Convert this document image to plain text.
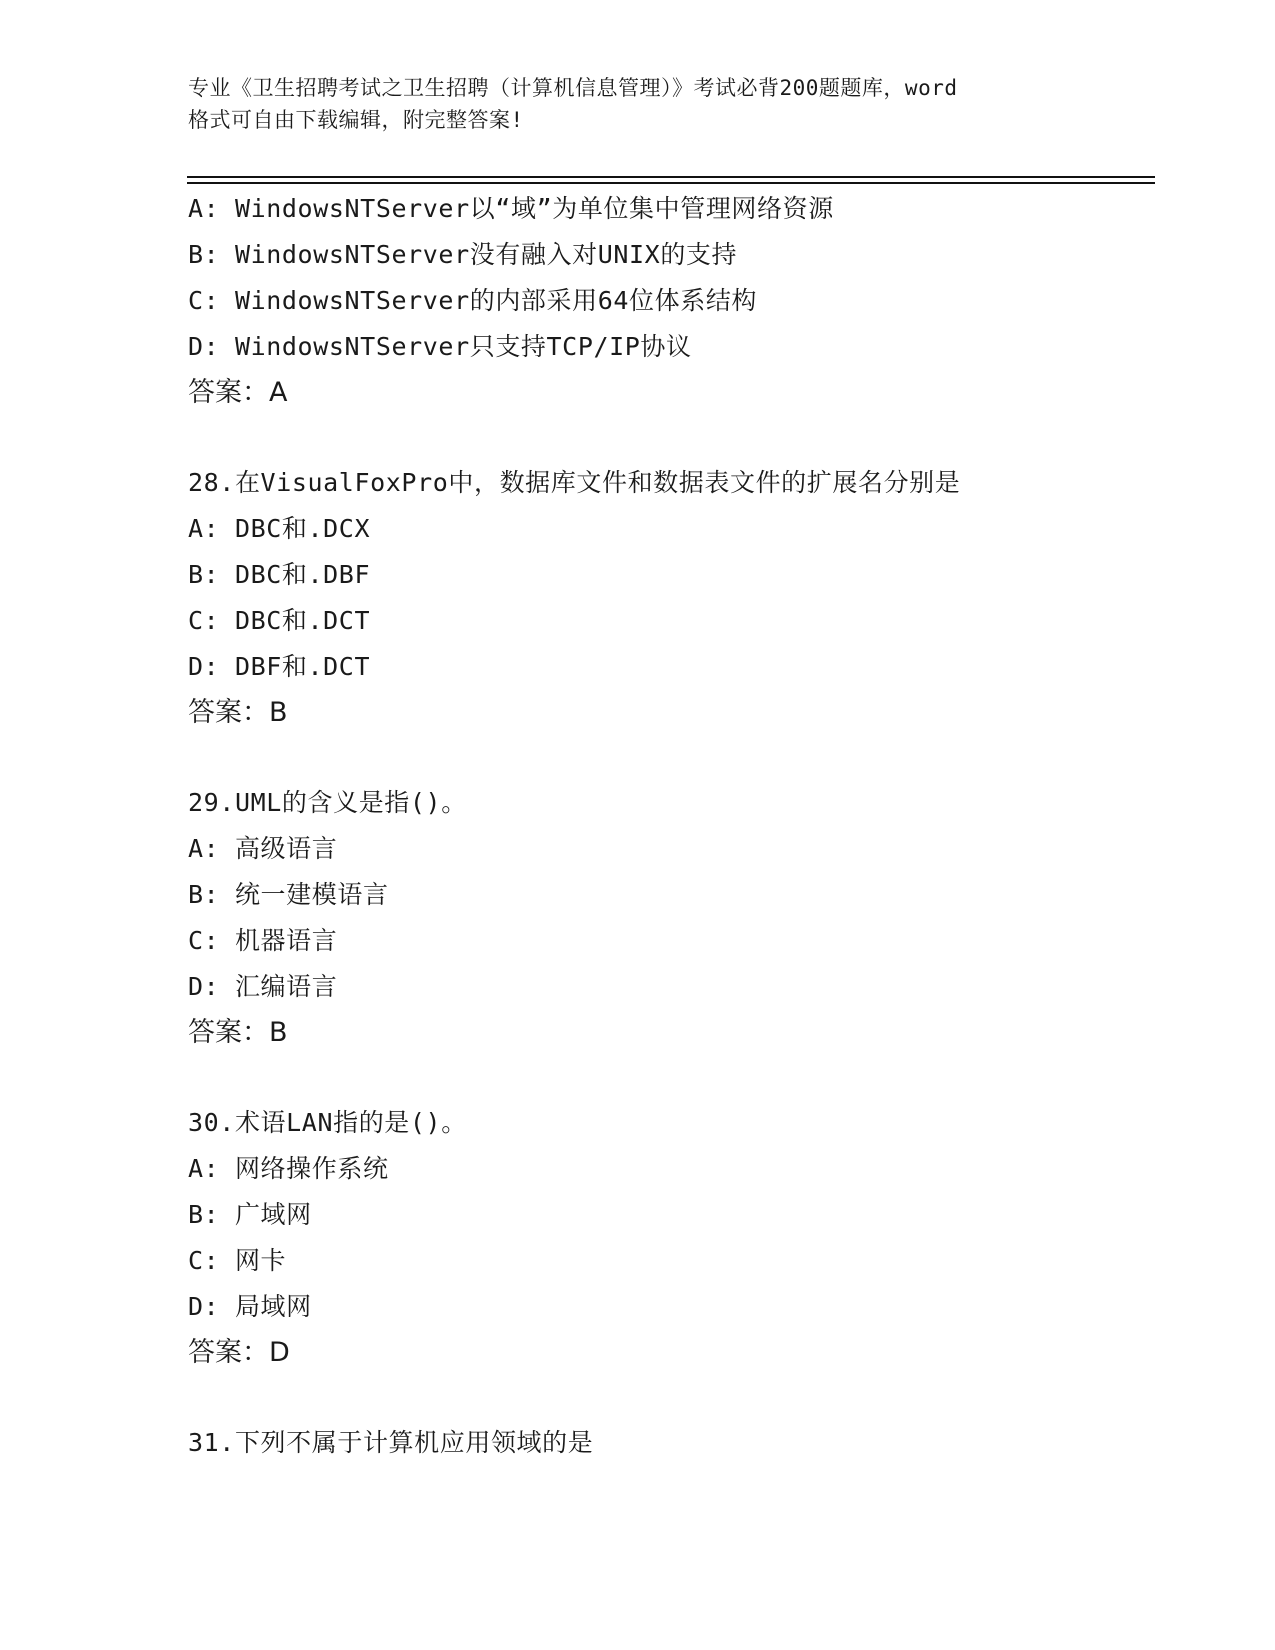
专业《卫生招聘考试之卫生招聘（计算机信息管理）》考试必背200题题库，word
格式可自由下载编辑，附完整答案!
A: WindowsNTServer以“域”为单位集中管理网络资源
B: WindowsNTServer没有融入对UNIX的支持
C: WindowsNTServer的内部采用64位体系结构
D: WindowsNTServer只支持TCP/IP协议
答案：A
28.在VisualFoxPro中，数据库文件和数据表文件的扩展名分别是
A: DBC和.DCX
B: DBC和.DBF
C: DBC和.DCT
D: DBF和.DCT
答案：B
29.UML的含义是指()。
A: 高级语言
B: 统一建模语言
C: 机器语言
D: 汇编语言
答案：B
30.术语LAN指的是()。
A: 网络操作系统
B: 广域网
C: 网卡
D: 局域网
答案：D
31.下列不属于计算机应用领域的是
